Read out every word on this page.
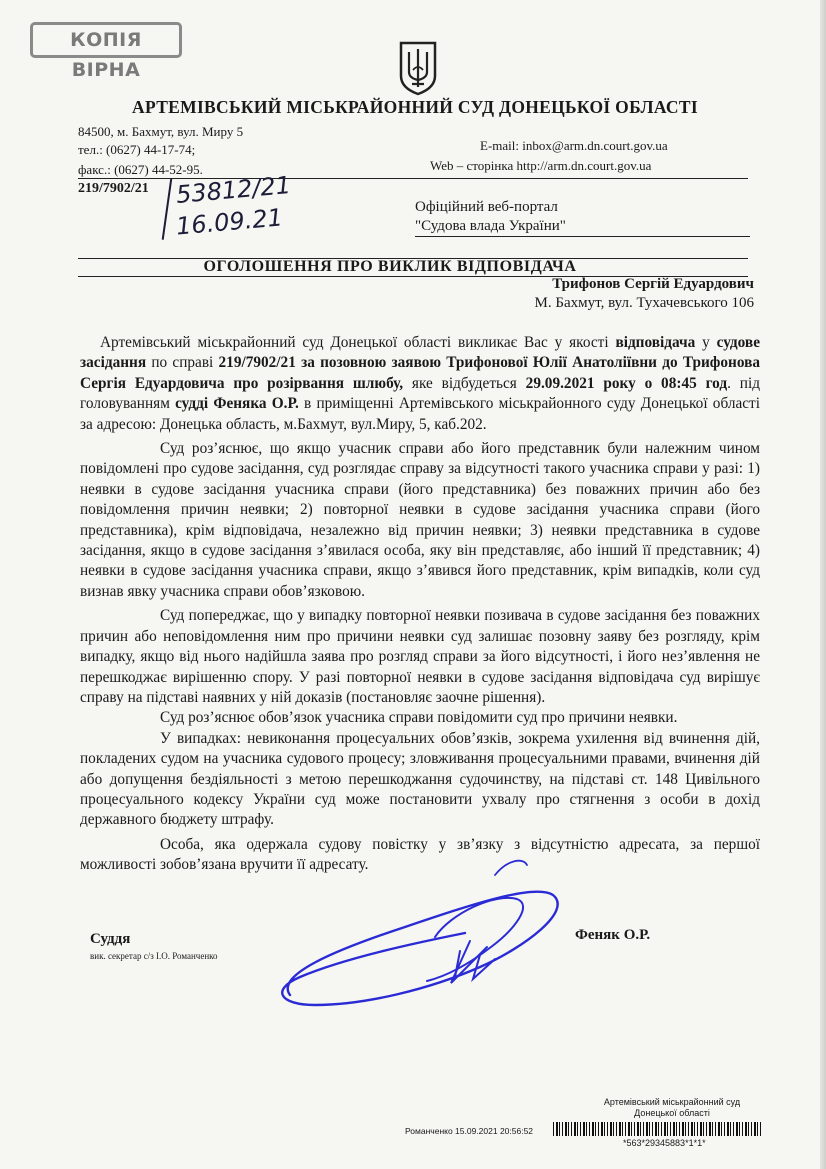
КОПІЯ ВІРНА
АРТЕМІВСЬКИЙ МІСЬКРАЙОННИЙ СУД ДОНЕЦЬКОЇ ОБЛАСТІ
84500, м. Бахмут, вул. Миру 5
тел.: (0627) 44-17-74;
факс.: (0627) 44-52-95.
E-mail: inbox@arm.dn.court.gov.ua
Web – сторінка http://arm.dn.court.gov.ua
219/7902/21 53812/21
16.09.21	Офіційний веб-портал
"Судова влада України"
ОГОЛОШЕННЯ ПРО ВИКЛИК ВІДПОВІДАЧА
Трифонов Сергій Едуардович
М. Бахмут, вул. Тухачевського 106

Артемівський міськрайонний суд Донецької області викликає Вас у якості відповідача у судове засідання по справі 219/7902/21 за позовною заявою Трифонової Юлії Анатоліївни до Трифонова Сергія Едуардовича про розірвання шлюбу, яке відбудеться 29.09.2021 року о 08:45 год. під головуванням судді Феняка О.Р. в приміщенні Артемівського міськрайонного суду Донецької області за адресою: Донецька область, м.Бахмут, вул.Миру, 5, каб.202.

Суд роз’яснює, що якщо учасник справи або його представник були належним чином повідомлені про судове засідання, суд розглядає справу за відсутності такого учасника справи у разі: 1) неявки в судове засідання учасника справи (його представника) без поважних причин або без повідомлення причин неявки; 2) повторної неявки в судове засідання учасника справи (його представника), крім відповідача, незалежно від причин неявки; 3) неявки представника в судове засідання, якщо в судове засідання з’явилася особа, яку він представляє, або інший її представник; 4) неявки в судове засідання учасника справи, якщо з’явився його представник, крім випадків, коли суд визнав явку учасника справи обов’язковою.

Суд попереджає, що у випадку повторної неявки позивача в судове засідання без поважних причин або неповідомлення ним про причини неявки суд залишає позовну заяву без розгляду, крім випадку, якщо від нього надійшла заява про розгляд справи за його відсутності, і його нез’явлення не перешкоджає вирішенню спору. У разі повторної неявки в судове засідання відповідача суд вирішує справу на підставі наявних у ній доказів (постановляє заочне рішення).

Суд роз’яснює обов’язок учасника справи повідомити суд про причини неявки.

У випадках: невиконання процесуальних обов’язків, зокрема ухилення від вчинення дій, покладених судом на учасника судового процесу; зловживання процесуальними правами, вчинення дій або допущення бездіяльності з метою перешкоджання судочинству, на підставі ст. 148 Цивільного процесуального кодексу України суд може постановити ухвалу про стягнення з особи в дохід державного бюджету штрафу.

Особа, яка одержала судову повістку у зв’язку з відсутністю адресата, за першої можливості зобов’язана вручити її адресату.

Суддя
вик. секретар с/з І.О. Романченко
Феняк О.Р.
Артемівський міськрайонний суд
Донецької області
Романченко 15.09.2021 20:56:52
*563*29345883*1*1*
